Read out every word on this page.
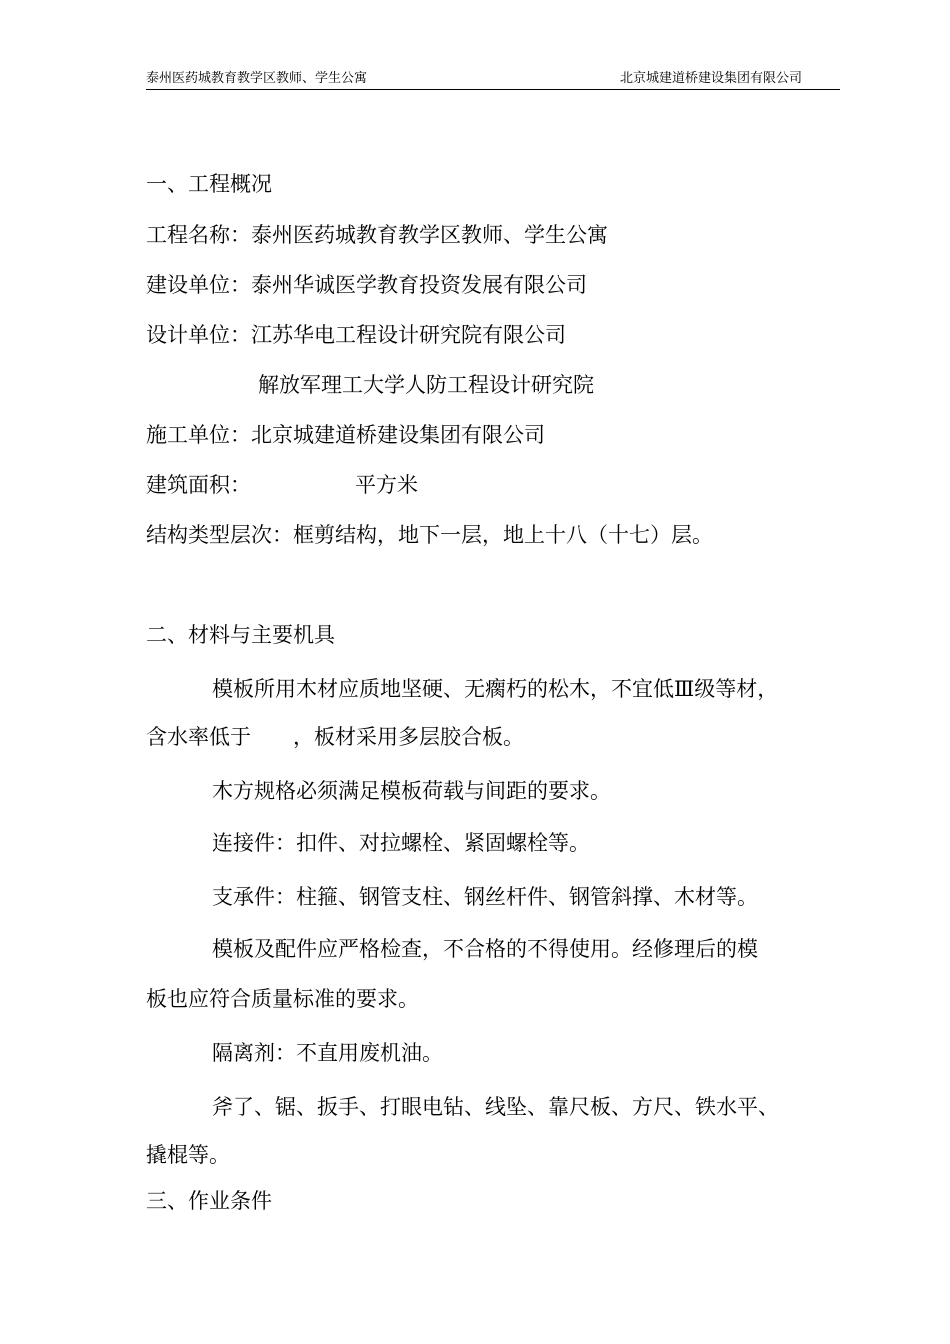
泰州医药城教育教学区教师、学生公寓	北京城建道桥建设集团有限公司
一、工程概况
工程名称：泰州医药城教育教学区教师、学生公寓
建设单位：泰州华诚医学教育投资发展有限公司
设计单位：江苏华电工程设计研究院有限公司
解放军理工大学人防工程设计研究院
施工单位：北京城建道桥建设集团有限公司
建筑面积：	平方米
结构类型层次：框剪结构，地下一层，地上十八（十七）层。
二、材料与主要机具
模板所用木材应质地坚硬、无瘸朽的松木，不宜低Ⅲ级等材，
含水率低于 ，板材采用多层胶合板。
木方规格必须满足模板荷载与间距的要求。
连接件：扣件、对拉螺栓、紧固螺栓等。
支承件：柱箍、钢管支柱、钢丝杆件、钢管斜撑、木材等。
模板及配件应严格检查，不合格的不得使用。经修理后的模
板也应符合质量标准的要求。
隔离剂：不直用废机油。
斧了、锯、扳手、打眼电钻、线坠、靠尺板、方尺、铁水平、
撬棍等。
三、作业条件
